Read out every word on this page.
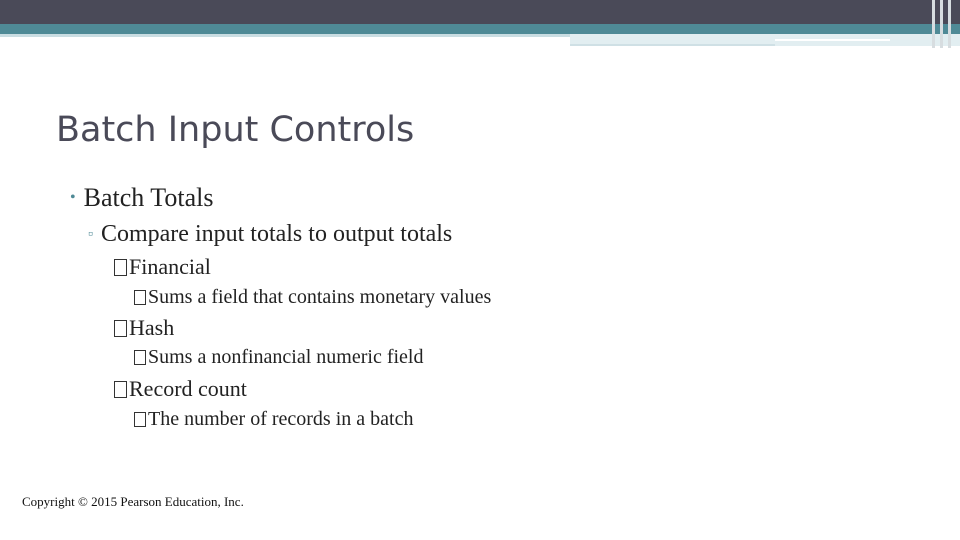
Batch Input Controls
• Batch Totals
▫ Compare input totals to output totals
Financial
Sums a field that contains monetary values
Hash
Sums a nonfinancial numeric field
Record count
The number of records in a batch
Copyright © 2015 Pearson Education, Inc.
